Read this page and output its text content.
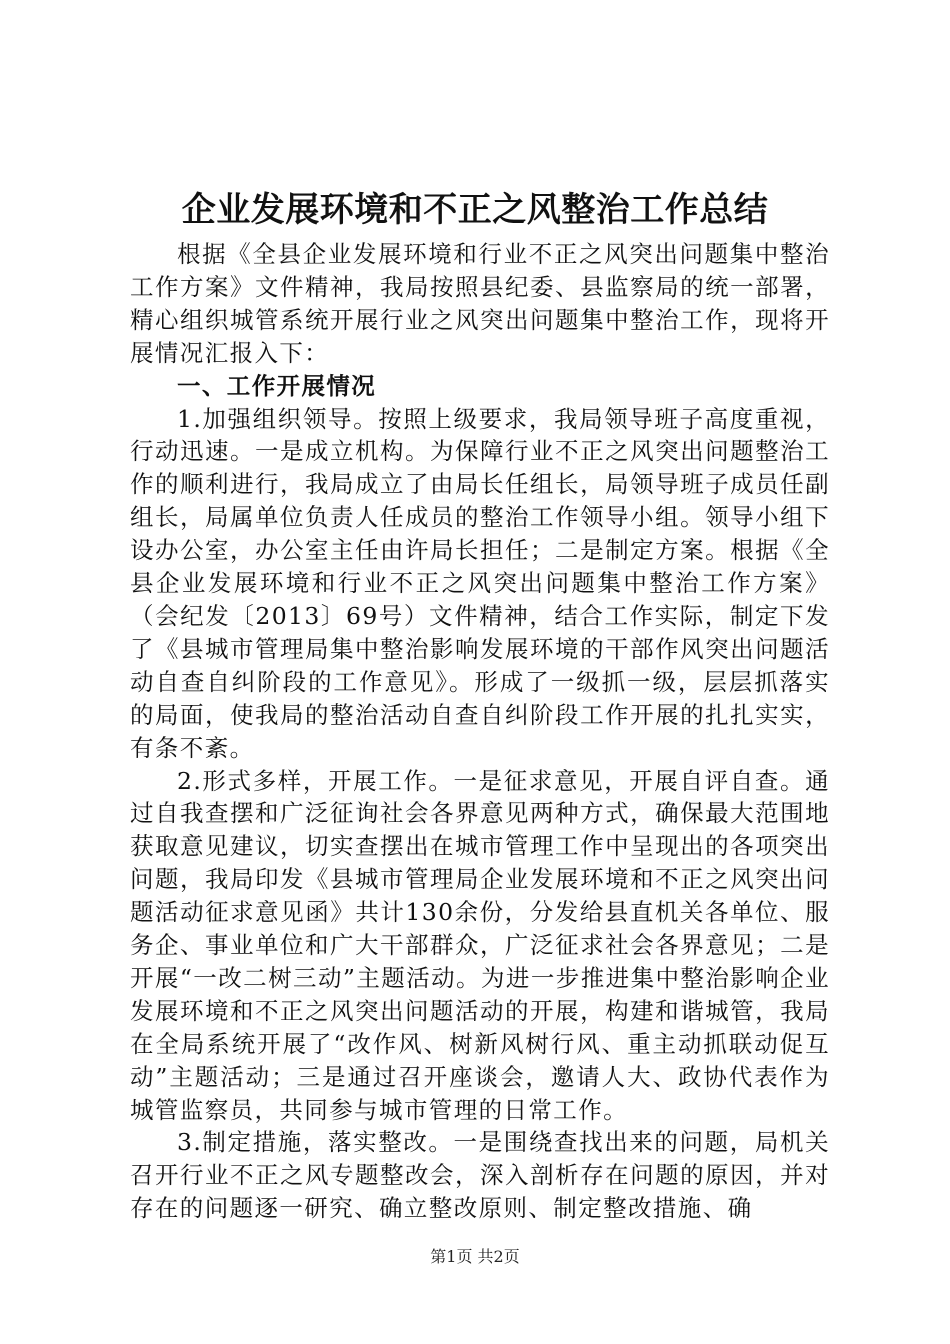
企业发展环境和不正之风整治工作总结

根据《全县企业发展环境和行业不正之风突出问题集中整治工作方案》文件精神，我局按照县纪委、县监察局的统一部署，精心组织城管系统开展行业之风突出问题集中整治工作，现将开展情况汇报入下：

一、工作开展情况

1.加强组织领导。按照上级要求，我局领导班子高度重视，行动迅速。一是成立机构。为保障行业不正之风突出问题整治工作的顺利进行，我局成立了由局长任组长，局领导班子成员任副组长，局属单位负责人任成员的整治工作领导小组。领导小组下设办公室，办公室主任由许局长担任；二是制定方案。根据《全县企业发展环境和行业不正之风突出问题集中整治工作方案》（会纪发〔2013〕69号）文件精神，结合工作实际，制定下发了《县城市管理局集中整治影响发展环境的干部作风突出问题活动自查自纠阶段的工作意见》。形成了一级抓一级，层层抓落实的局面，使我局的整治活动自查自纠阶段工作开展的扎扎实实，有条不紊。

2.形式多样，开展工作。一是征求意见，开展自评自查。通过自我查摆和广泛征询社会各界意见两种方式，确保最大范围地获取意见建议，切实查摆出在城市管理工作中呈现出的各项突出问题，我局印发《县城市管理局企业发展环境和不正之风突出问题活动征求意见函》共计130余份，分发给县直机关各单位、服务企、事业单位和广大干部群众，广泛征求社会各界意见；二是开展“一改二树三动”主题活动。为进一步推进集中整治影响企业发展环境和不正之风突出问题活动的开展，构建和谐城管，我局在全局系统开展了“改作风、树新风树行风、重主动抓联动促互动”主题活动；三是通过召开座谈会，邀请人大、政协代表作为城管监察员，共同参与城市管理的日常工作。

3.制定措施，落实整改。一是围绕查找出来的问题，局机关召开行业不正之风专题整改会，深入剖析存在问题的原因，并对存在的问题逐一研究、确立整改原则、制定整改措施、确

第1页 共2页
